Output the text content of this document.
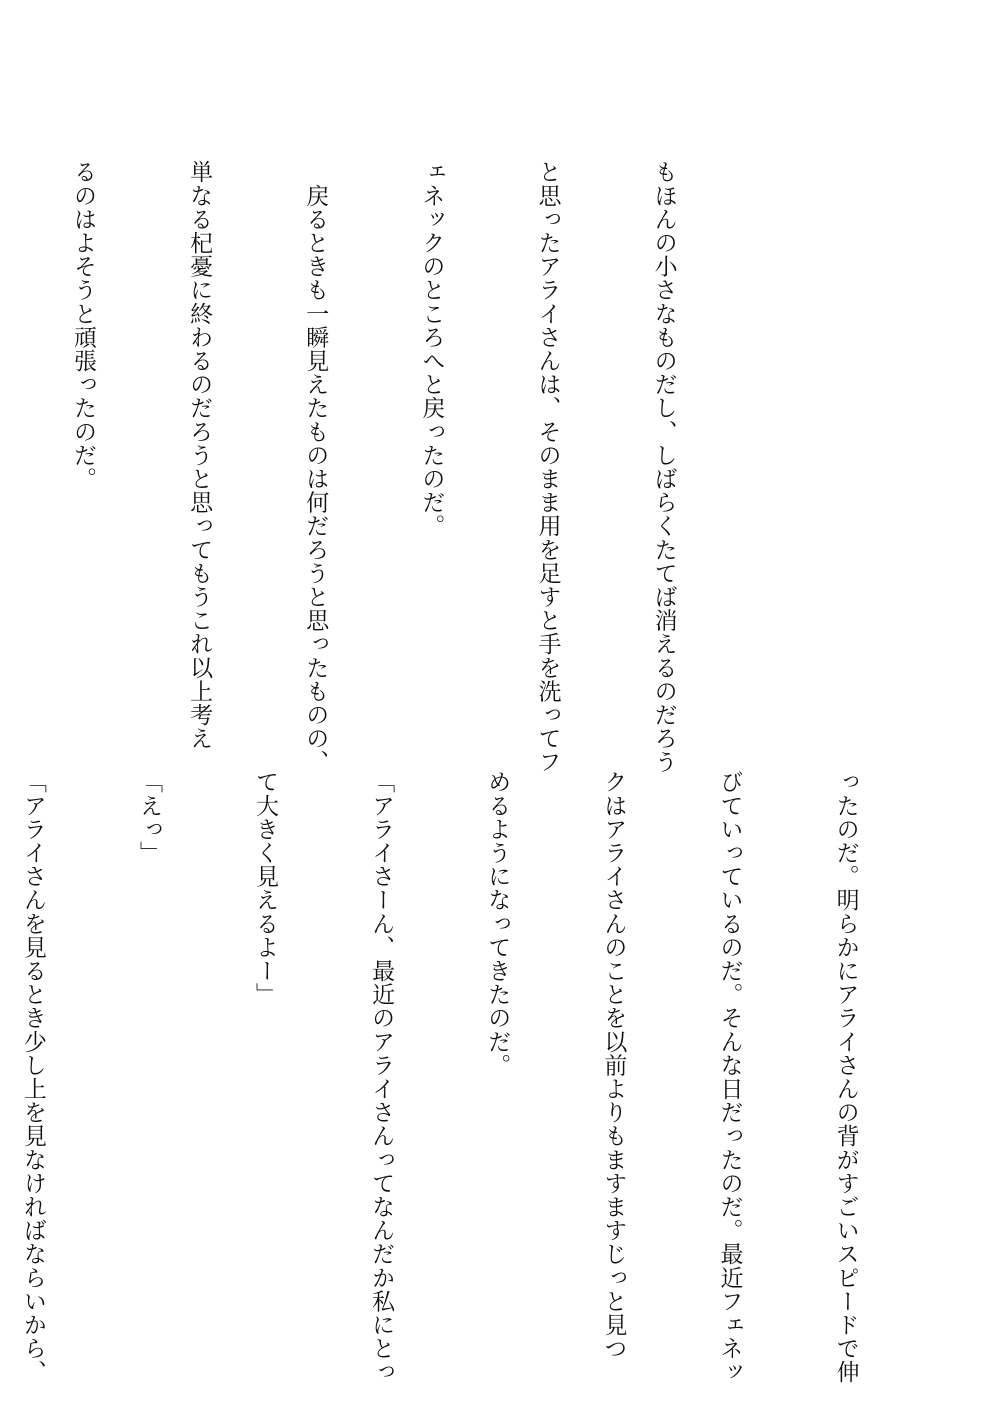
もほんの小さなものだし、しばらくたてば消えるのだろう

と思ったアライさんは、そのまま用を足すと手を洗ってフ

ェネックのところへと戻ったのだ。

　戻るときも一瞬見えたものは何だろうと思ったものの、

単なる杞憂に終わるのだろうと思ってもうこれ以上考え

るのはよそうと頑張ったのだ。

ったのだ。明らかにアライさんの背がすごいスピードで伸

びていっているのだ。そんな日だったのだ。最近フェネッ

クはアライさんのことを以前よりもますますじっと見つ

めるようになってきたのだ。

「アライさーん、最近のアライさんってなんだか私にとっ

て大きく見えるよー」

「えっ」

「アライさんを見るとき少し上を見なければならいから、
